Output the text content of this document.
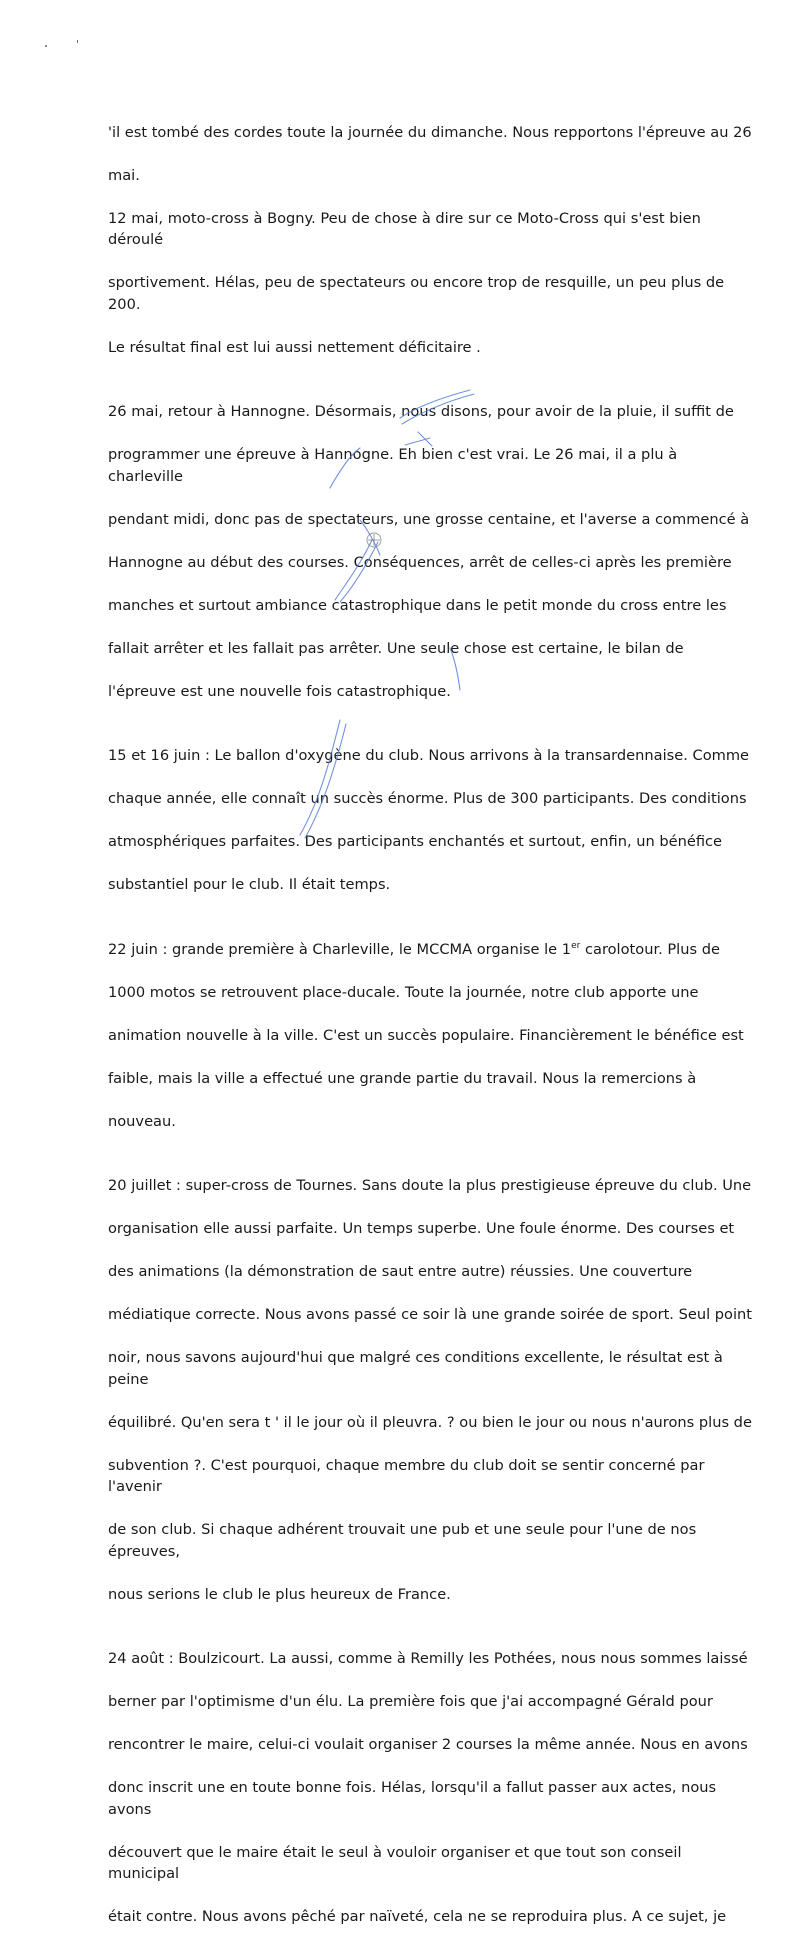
'il est tombé des cordes toute la journée du dimanche. Nous repportons l'épreuve au 26

mai.

12 mai, moto-cross à Bogny. Peu de chose à dire sur ce Moto-Cross qui s'est bien déroulé

sportivement. Hélas, peu de spectateurs ou encore trop de resquille, un peu plus de 200.

Le résultat final est lui aussi nettement déficitaire .

26 mai, retour à Hannogne. Désormais, nous disons, pour avoir de la pluie, il suffit de

programmer une épreuve à Hannogne. Eh bien c'est vrai. Le 26 mai, il a plu à charleville

pendant midi, donc pas de spectateurs, une grosse centaine, et l'averse a commencé à

Hannogne au début des courses. Conséquences, arrêt de celles-ci après les première

manches et surtout ambiance catastrophique dans le petit monde du cross entre les

fallait arrêter et les fallait pas arrêter. Une seule chose est certaine, le bilan de

l'épreuve est une nouvelle fois catastrophique.

15 et 16 juin : Le ballon d'oxygène du club. Nous arrivons à la transardennaise. Comme

chaque année, elle connaît un succès énorme. Plus de 300 participants. Des conditions

atmosphériques parfaites. Des participants enchantés et surtout, enfin, un bénéfice

substantiel pour le club. Il était temps.

22 juin : grande première à Charleville, le MCCMA organise le 1er carolotour. Plus de

1000 motos se retrouvent place-ducale. Toute la journée, notre club apporte une

animation nouvelle à la ville. C'est un succès populaire. Financièrement le bénéfice est

faible, mais la ville a effectué une grande partie du travail. Nous la remercions à

nouveau.

20 juillet : super-cross de Tournes. Sans doute la plus prestigieuse épreuve du club. Une

organisation elle aussi parfaite. Un temps superbe. Une foule énorme. Des courses et

des animations (la démonstration de saut entre autre) réussies. Une couverture

médiatique correcte. Nous avons passé ce soir là une grande soirée de sport. Seul point

noir, nous savons aujourd'hui que malgré ces conditions excellente, le résultat est à peine

équilibré. Qu'en sera t ' il le jour où il pleuvra. ? ou bien le jour ou nous n'aurons plus de

subvention ?. C'est pourquoi, chaque membre du club doit se sentir concerné par l'avenir

de son club. Si chaque adhérent trouvait une pub et une seule pour l'une de nos épreuves,

nous serions le club le plus heureux de France.

24 août : Boulzicourt. La aussi, comme à Remilly les Pothées, nous nous sommes laissé

berner par l'optimisme d'un élu. La première fois que j'ai accompagné Gérald pour

rencontrer le maire, celui-ci voulait organiser 2 courses la même année. Nous en avons

donc inscrit une en toute bonne fois. Hélas, lorsqu'il a fallut passer aux actes, nous avons

découvert que le maire était le seul à vouloir organiser et que tout son conseil municipal

était contre. Nous avons pêché par naïveté, cela ne se reproduira plus. A ce sujet, je
